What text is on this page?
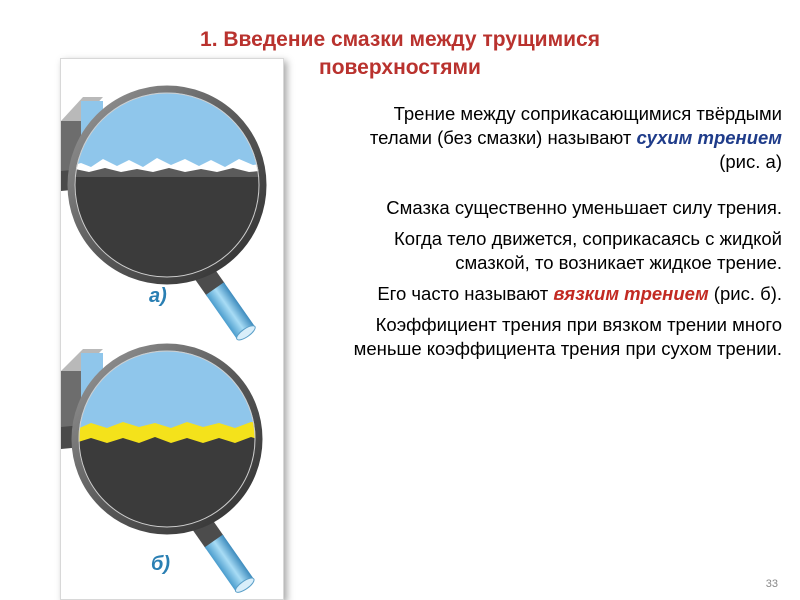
1. Введение смазки между трущимися
поверхностями
а)
б)

Трение между соприкасающимися твёрдыми телами (без смазки) называют сухим трением (рис. а)

Смазка существенно уменьшает силу трения.

Когда тело движется, соприкасаясь с жидкой смазкой, то возникает жидкое трение.

Его часто называют вязким трением (рис. б).

Коэффициент трения при вязком трении много меньше коэффициента трения при сухом трении.

33
